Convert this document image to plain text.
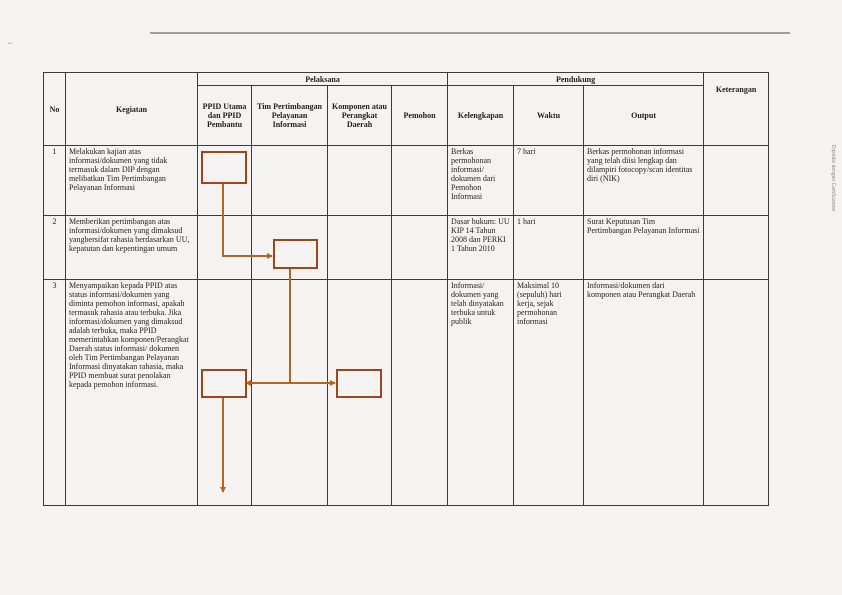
~
Dipindai dengan CamScanner
No	Kegiatan	Pelaksana				Pendukung			Keterangan
		PPID Utama dan PPID Pembantu	Tim Pertimbangan Pelayanan Informasi	Komponen atau Perangkat Daerah	Pemohon	Kelengkapan	Waktu	Output	
1	Melakukan kajian atas informasi/dokumen yang tidak termasuk dalam DIP dengan melibatkan Tim Pertimbangan Pelayanan Informasi					Berkas permohonan informasi/ dokumen dari Pemohon Informasi	7 hari	Berkas permohonan informasi yang telah diisi lengkap dan dilampiri fotocopy/scan identitas diri (NIK)	
2	Memberikan pertimbangan atas informasi/dokumen yang dimaksud yangbersifat rahasia berdasarkan UU, kepatutan dan kepentingan umum					Dasar hukum: UU KIP 14 Tahun 2008 dan PERKI 1 Tahun 2010	1 hari	Surat Keputusan Tim Pertimbangan Pelayanan Informasi	
3	Menyampaikan kepada PPID atas status informasi/dokumen yang diminta pemohon informasi, apakah termasuk rahasia atau terbuka. Jika informasi/dokumen yang dimaksud adalah terbuka, maka PPID memerintahkan komponen/Perangkat Daerah status informasi/ dokumen oleh Tim Pertimbangan Pelayanan Informasi dinyatakan rahasia, maka PPID membuat surat penolakan kepada pemohon informasi.					Informasi/ dokumen yang telah dinyatakan terbuka untuk publik	Maksimal 10 (sepuluh) hari kerja, sejak permohonan informasi	Informasi/dokumen dari komponen atau Perangkat Daerah	
